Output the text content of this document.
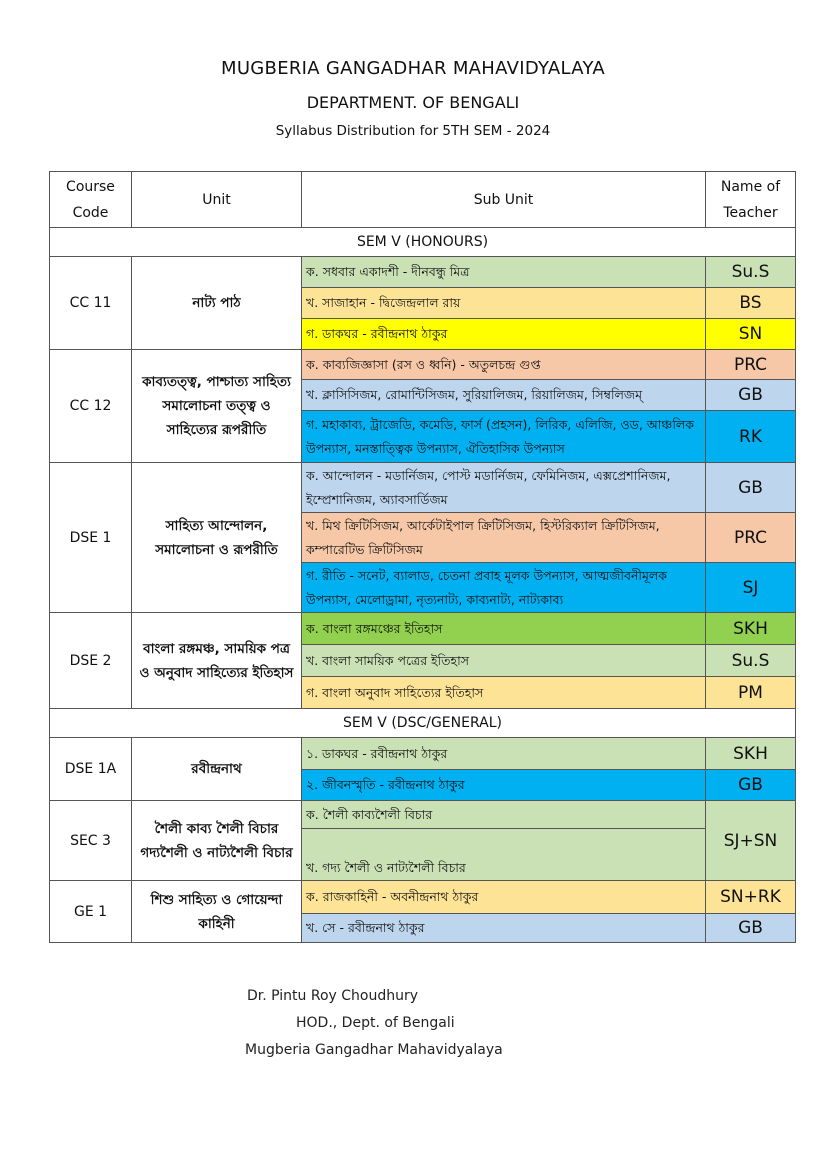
MUGBERIA GANGADHAR MAHAVIDYALAYA
DEPARTMENT. OF BENGALI
Syllabus Distribution for 5TH SEM - 2024
Course Code	Unit	Sub Unit	Name of Teacher
SEM V (HONOURS)			
CC 11	নাট্য পাঠ	ক. সধবার একাদশী - দীনবন্ধু মিত্র	Su.S
		খ. সাজাহান - দ্বিজেন্দ্রলাল রায়	BS
		গ. ডাকঘর - রবীন্দ্রনাথ ঠাকুর	SN
CC 12	কাব্যতত্ত্ব, পাশ্চাত্য সাহিত্য সমালোচনা তত্ত্ব ও সাহিত্যের রূপরীতি	ক. কাব্যজিজ্ঞাসা (রস ও ধ্বনি) - অতুলচন্দ্র গুপ্ত	PRC
		খ. ক্লাসিসিজম, রোমান্টিসিজম, সুরিয়ালিজম, রিয়ালিজম, সিম্বলিজম্	GB
		গ. মহাকাব্য, ট্রাজেডি, কমেডি, ফার্স (প্রহসন), লিরিক, এলিজি, ওড, আঞ্চলিক উপন্যাস, মনস্তাত্ত্বিক উপন্যাস, ঐতিহাসিক উপন্যাস	RK
DSE 1	সাহিত্য আন্দোলন, সমালোচনা ও রূপরীতি	ক. আন্দোলন - মডার্নিজম, পোস্ট মডার্নিজম, ফেমিনিজম, এক্সপ্রেশানিজম, ইম্প্রেশানিজম, অ্যাবসার্ডিজম	GB
		খ. মিথ ক্রিটিসিজম, আর্কেটাইপাল ক্রিটিসিজম, হিস্টরিক্যাল ক্রিটিসিজম, কম্পারেটিভ ক্রিটিসিজম	PRC
		গ. রীতি - সনেট, ব্যালাড, চেতনা প্রবাহ মূলক উপন্যাস, আত্মজীবনীমূলক উপন্যাস, মেলোড্রামা, নৃত্যনাট্য, কাব্যনাট্য, নাট্যকাব্য	SJ
DSE 2	বাংলা রঙ্গমঞ্চ, সাময়িক পত্র ও অনুবাদ সাহিত্যের ইতিহাস	ক. বাংলা রঙ্গমঞ্চের ইতিহাস	SKH
		খ. বাংলা সাময়িক পত্রের ইতিহাস	Su.S
		গ. বাংলা অনুবাদ সাহিত্যের ইতিহাস	PM
SEM V (DSC/GENERAL)			
DSE 1A	রবীন্দ্রনাথ	১. ডাকঘর - রবীন্দ্রনাথ ঠাকুর	SKH
		২. জীবনস্মৃতি - রবীন্দ্রনাথ ঠাকুর	GB
SEC 3	শৈলী কাব্য শৈলী বিচার গদ্যশৈলী ও নাট্যশৈলী বিচার	ক. শৈলী কাব্যশৈলী বিচার	SJ+SN
		খ. গদ্য শৈলী ও নাট্যশৈলী বিচার	
GE 1	শিশু সাহিত্য ও গোয়েন্দা কাহিনী	ক. রাজকাহিনী - অবনীন্দ্রনাথ ঠাকুর	SN+RK
		খ. সে - রবীন্দ্রনাথ ঠাকুর	GB
Dr. Pintu Roy Choudhury
HOD., Dept. of Bengali
Mugberia Gangadhar Mahavidyalaya
